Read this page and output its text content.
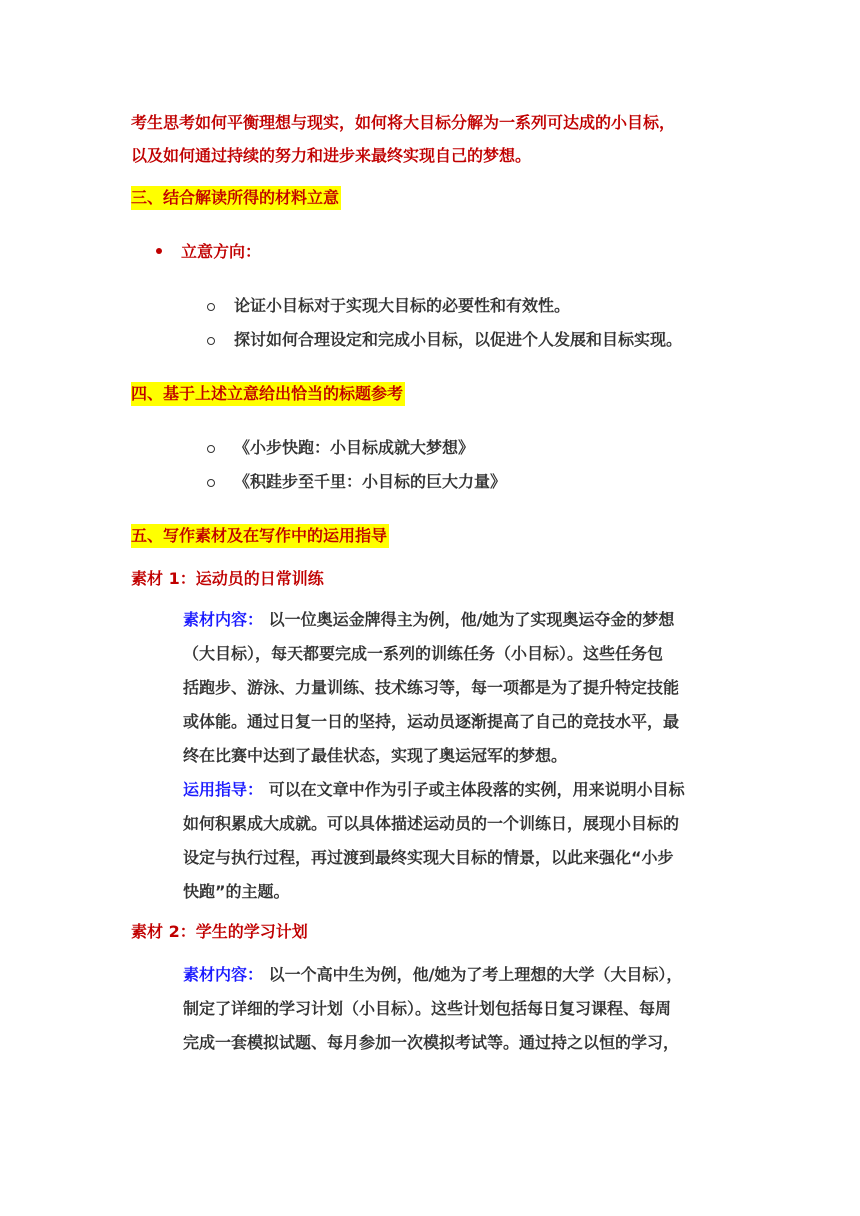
考生思考如何平衡理想与现实，如何将大目标分解为一系列可达成的小目标，
以及如何通过持续的努力和进步来最终实现自己的梦想。

三、结合解读所得的材料立意
立意方向：
论证小目标对于实现大目标的必要性和有效性。
探讨如何合理设定和完成小目标，以促进个人发展和目标实现。
四、基于上述立意给出恰当的标题参考
《小步快跑：小目标成就大梦想》
《积跬步至千里：小目标的巨大力量》
五、写作素材及在写作中的运用指导
素材 1：运动员的日常训练
素材内容： 以一位奥运金牌得主为例，他/她为了实现奥运夺金的梦想
（大目标），每天都要完成一系列的训练任务（小目标）。这些任务包
括跑步、游泳、力量训练、技术练习等，每一项都是为了提升特定技能
或体能。通过日复一日的坚持，运动员逐渐提高了自己的竞技水平，最
终在比赛中达到了最佳状态，实现了奥运冠军的梦想。
运用指导： 可以在文章中作为引子或主体段落的实例，用来说明小目标
如何积累成大成就。可以具体描述运动员的一个训练日，展现小目标的
设定与执行过程，再过渡到最终实现大目标的情景，以此来强化“小步
快跑”的主题。
素材 2：学生的学习计划
素材内容： 以一个高中生为例，他/她为了考上理想的大学（大目标），
制定了详细的学习计划（小目标）。这些计划包括每日复习课程、每周
完成一套模拟试题、每月参加一次模拟考试等。通过持之以恒的学习，
